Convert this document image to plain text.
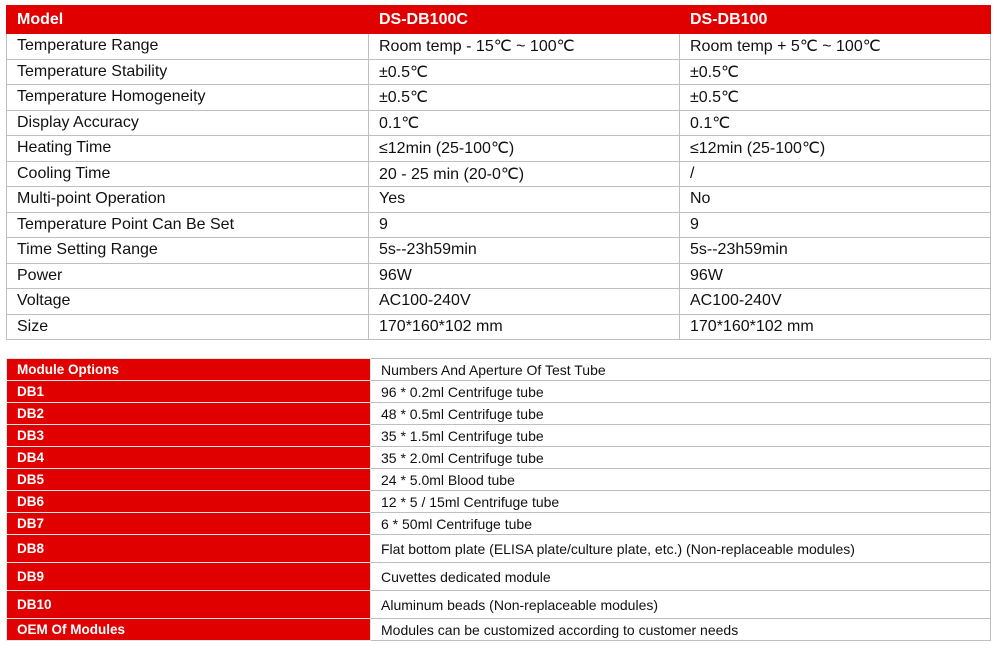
Model	DS-DB100C	DS-DB100
Temperature Range	Room temp - 15℃ ~ 100℃	Room temp + 5℃ ~ 100℃
Temperature Stability	±0.5℃	±0.5℃
Temperature Homogeneity	±0.5℃	±0.5℃
Display Accuracy	0.1℃	0.1℃
Heating Time	≤12min (25-100℃)	≤12min (25-100℃)
Cooling Time	20 - 25 min (20-0℃)	/
Multi-point Operation	Yes	No
Temperature Point Can Be Set	9	9
Time Setting Range	5s--23h59min	5s--23h59min
Power	96W	96W
Voltage	AC100-240V	AC100-240V
Size	170*160*102 mm	170*160*102 mm
Module Options	Numbers And Aperture Of Test Tube
DB1	96 * 0.2ml Centrifuge tube
DB2	48 * 0.5ml Centrifuge tube
DB3	35 * 1.5ml Centrifuge tube
DB4	35 * 2.0ml Centrifuge tube
DB5	24 * 5.0ml Blood tube
DB6	12 * 5 / 15ml Centrifuge tube
DB7	6 * 50ml Centrifuge tube
DB8	Flat bottom plate (ELISA plate/culture plate, etc.) (Non-replaceable modules)
DB9	Cuvettes dedicated module
DB10	Aluminum beads (Non-replaceable modules)
OEM Of Modules	Modules can be customized according to customer needs
